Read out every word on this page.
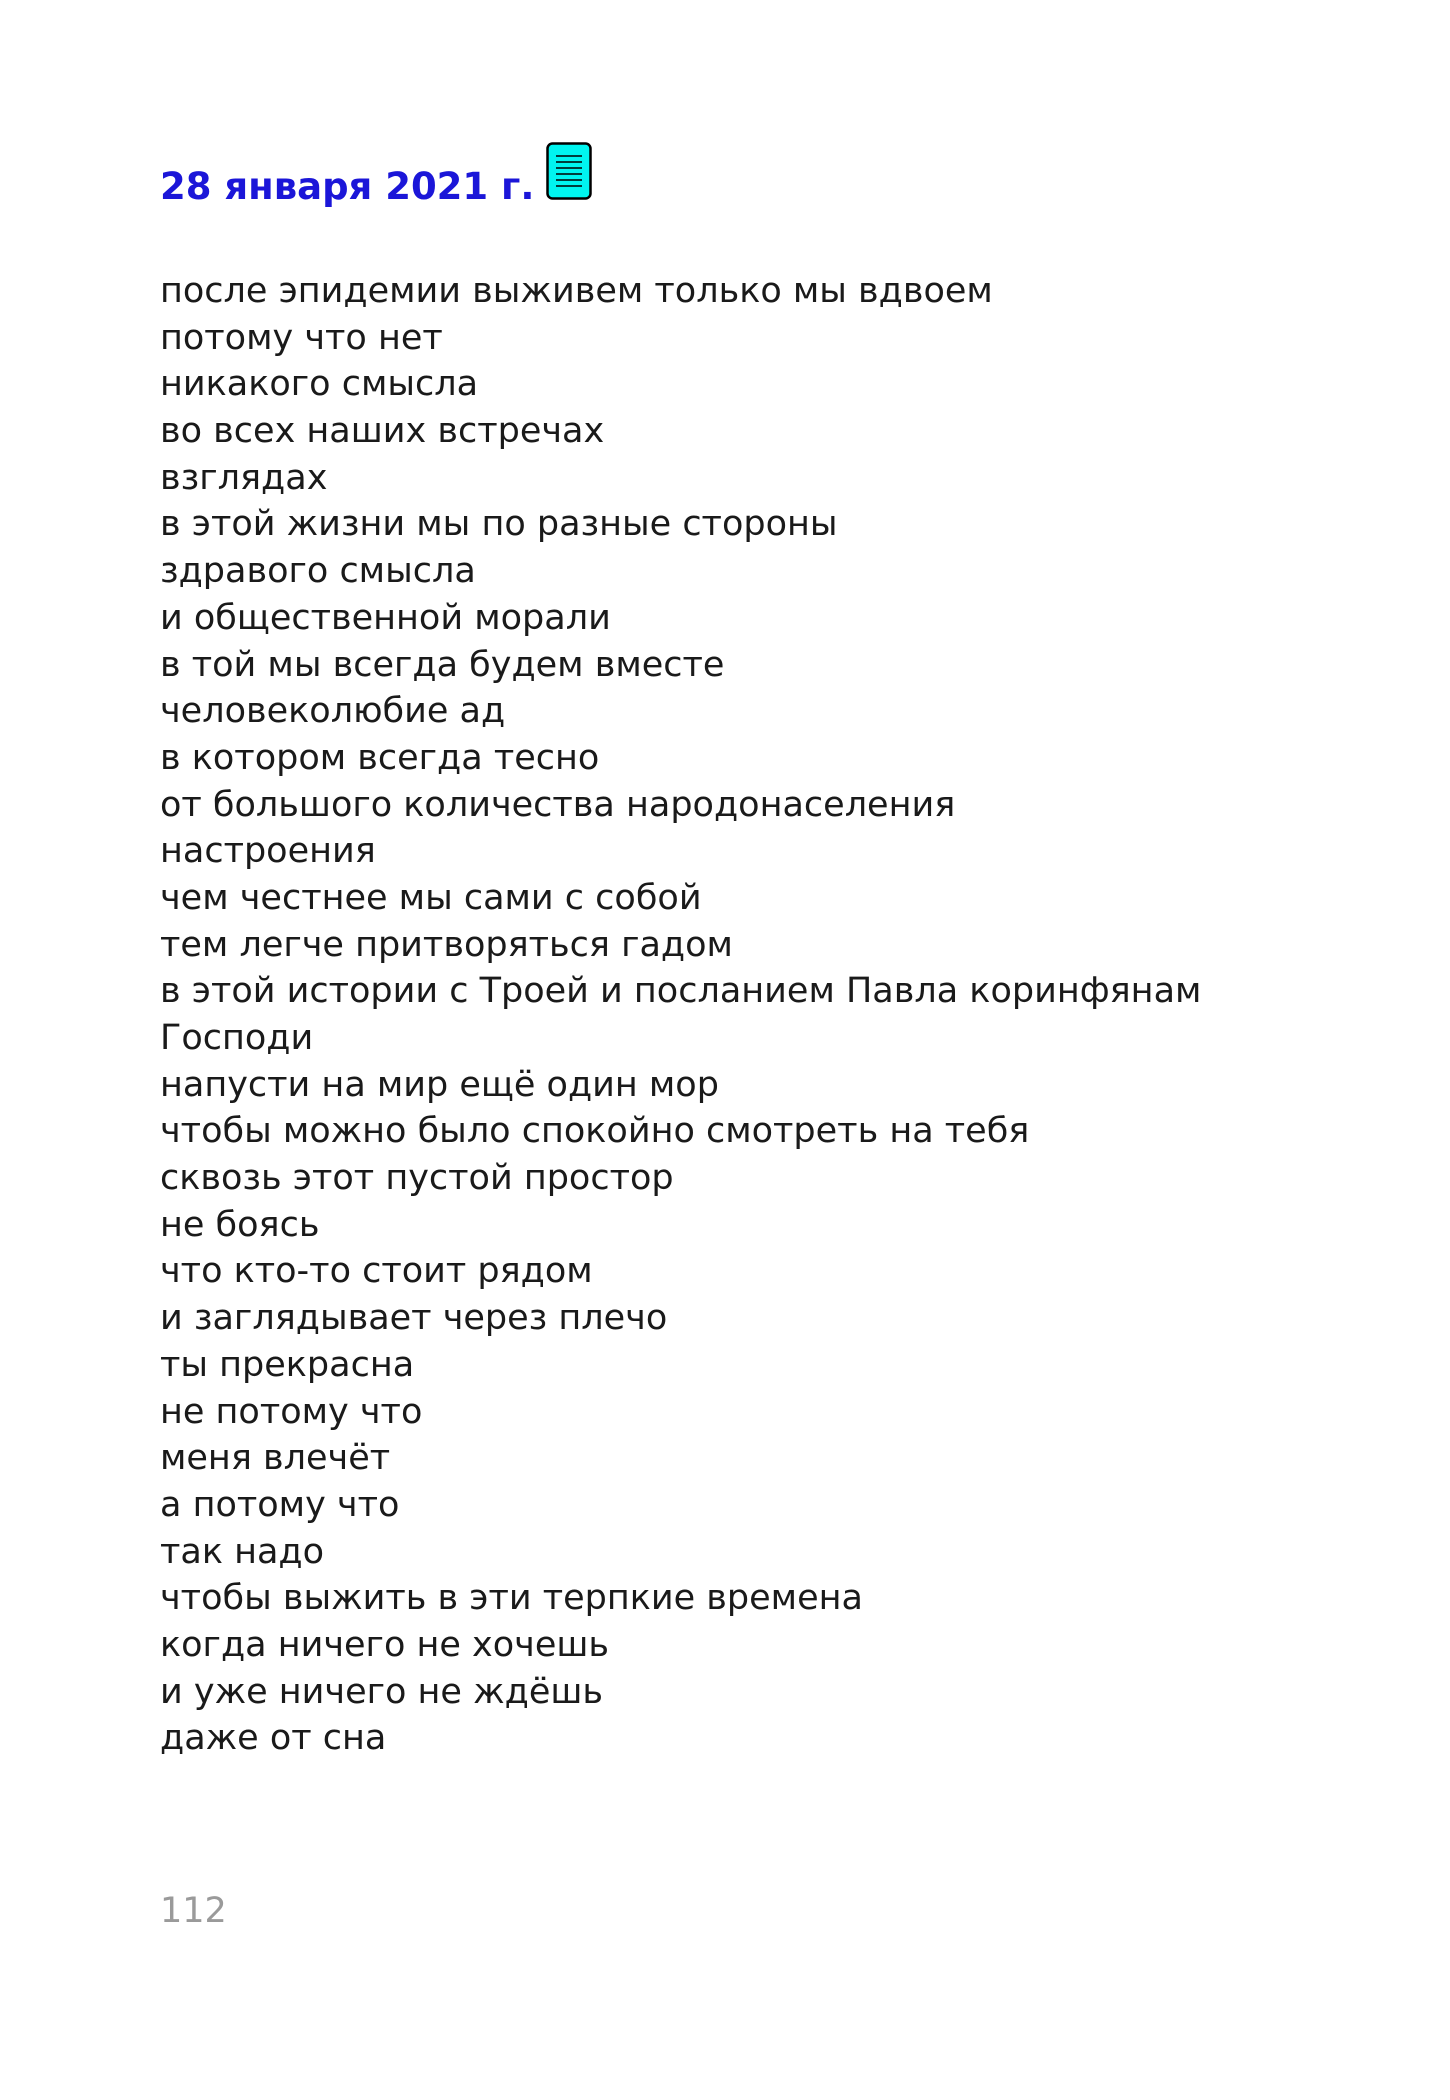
28 января 2021 г.
после эпидемии выживем только мы вдвоем
потому что нет
никакого смысла
во всех наших встречах
взглядах
в этой жизни мы по разные стороны
здравого смысла
и общественной морали
в той мы всегда будем вместе
человеколюбие ад
в котором всегда тесно
от большого количества народонаселения
настроения
чем честнее мы сами с собой
тем легче притворяться гадом
в этой истории с Троей и посланием Павла коринфянам
Господи
напусти на мир ещё один мор
чтобы можно было спокойно смотреть на тебя
сквозь этот пустой простор
не боясь
что кто-то стоит рядом
и заглядывает через плечо
ты прекрасна
не потому что
меня влечёт
а потому что
так надо
чтобы выжить в эти терпкие времена
когда ничего не хочешь
и уже ничего не ждёшь
даже от сна
112
